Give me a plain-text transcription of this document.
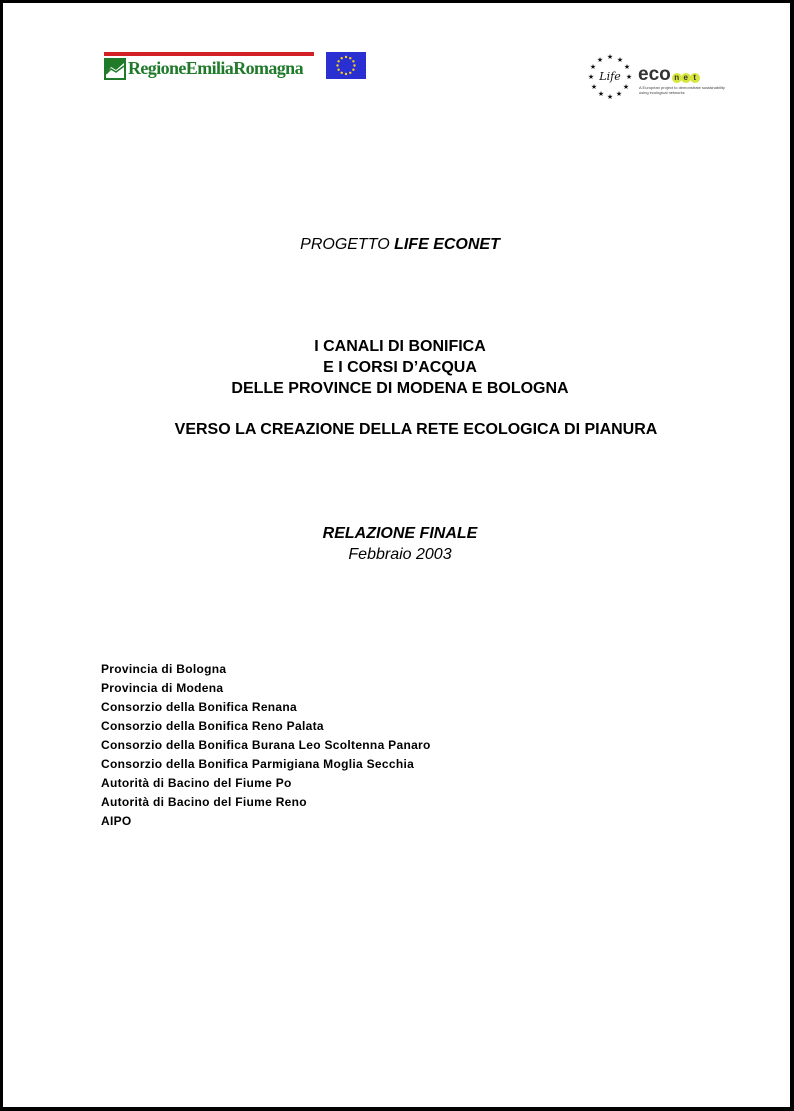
RegioneEmiliaRomagna
★ ★
★
★
★
★
★
★
★
★
★
★
Life eco n e t
A European project to demonstrate sustainability using ecological networks
PROGETTO LIFE ECONET
I CANALI DI BONIFICA
E I CORSI D’ACQUA
DELLE PROVINCE DI MODENA E BOLOGNA
VERSO LA CREAZIONE DELLA RETE ECOLOGICA DI PIANURA
RELAZIONE FINALE
Febbraio 2003
Provincia di Bologna
Provincia di Modena
Consorzio della Bonifica Renana
Consorzio della Bonifica Reno Palata
Consorzio della Bonifica Burana Leo Scoltenna Panaro
Consorzio della Bonifica Parmigiana Moglia Secchia
Autorità di Bacino del Fiume Po
Autorità di Bacino del Fiume Reno
AIPO
